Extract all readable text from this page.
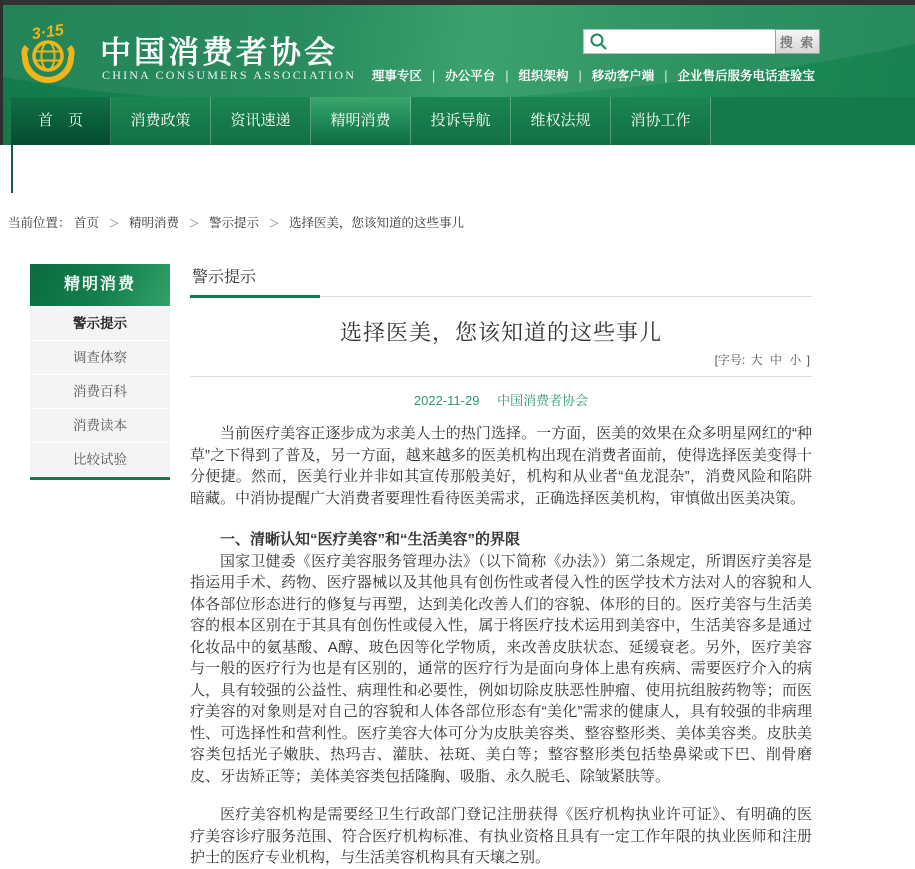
3·15
中国消费者协会
CHINA CONSUMERS ASSOCIATION
搜 索
理事专区 | 办公平台 | 组织架构 | 移动客户端 | 企业售后服务电话查验宝
首　页	消费政策	资讯速递	精明消费	投诉导航	维权法规	消协工作
当前位置： 首页 ＞ 精明消费 ＞ 警示提示 ＞ 选择医美，您该知道的这些事儿
精明消费
警示提示
调查体察
消费百科
消费读本
比较试验
警示提示
选择医美，您该知道的这些事儿
[字号: 大 中 小 ]
2022-11-29 中国消费者协会

当前医疗美容正逐步成为求美人士的热门选择。一方面，医美的效果在众多明星网红的“种草”之下得到了普及，另一方面，越来越多的医美机构出现在消费者面前，使得选择医美变得十分便捷。然而，医美行业并非如其宣传那般美好，机构和从业者“鱼龙混杂”，消费风险和陷阱暗藏。中消协提醒广大消费者要理性看待医美需求，正确选择医美机构，审慎做出医美决策。

一、清晰认知“医疗美容”和“生活美容”的界限

国家卫健委《医疗美容服务管理办法》（以下简称《办法》）第二条规定，所谓医疗美容是指运用手术、药物、医疗器械以及其他具有创伤性或者侵入性的医学技术方法对人的容貌和人体各部位形态进行的修复与再塑，达到美化改善人们的容貌、体形的目的。医疗美容与生活美容的根本区别在于其具有创伤性或侵入性，属于将医疗技术运用到美容中，生活美容多是通过化妆品中的氨基酸、A醇、玻色因等化学物质，来改善皮肤状态、延缓衰老。另外，医疗美容与一般的医疗行为也是有区别的，通常的医疗行为是面向身体上患有疾病、需要医疗介入的病人，具有较强的公益性、病理性和必要性，例如切除皮肤恶性肿瘤、使用抗组胺药物等；而医疗美容的对象则是对自己的容貌和人体各部位形态有“美化”需求的健康人，具有较强的非病理性、可选择性和营利性。医疗美容大体可分为皮肤美容类、整容整形类、美体美容类。皮肤美容类包括光子嫩肤、热玛吉、灌肤、祛斑、美白等；整容整形类包括垫鼻梁或下巴、削骨磨皮、牙齿矫正等；美体美容类包括隆胸、吸脂、永久脱毛、除皱紧肤等。

医疗美容机构是需要经卫生行政部门登记注册获得《医疗机构执业许可证》、有明确的医疗美容诊疗服务范围、符合医疗机构标准、有执业资格且具有一定工作年限的执业医师和注册护士的医疗专业机构，与生活美容机构具有天壤之别。
